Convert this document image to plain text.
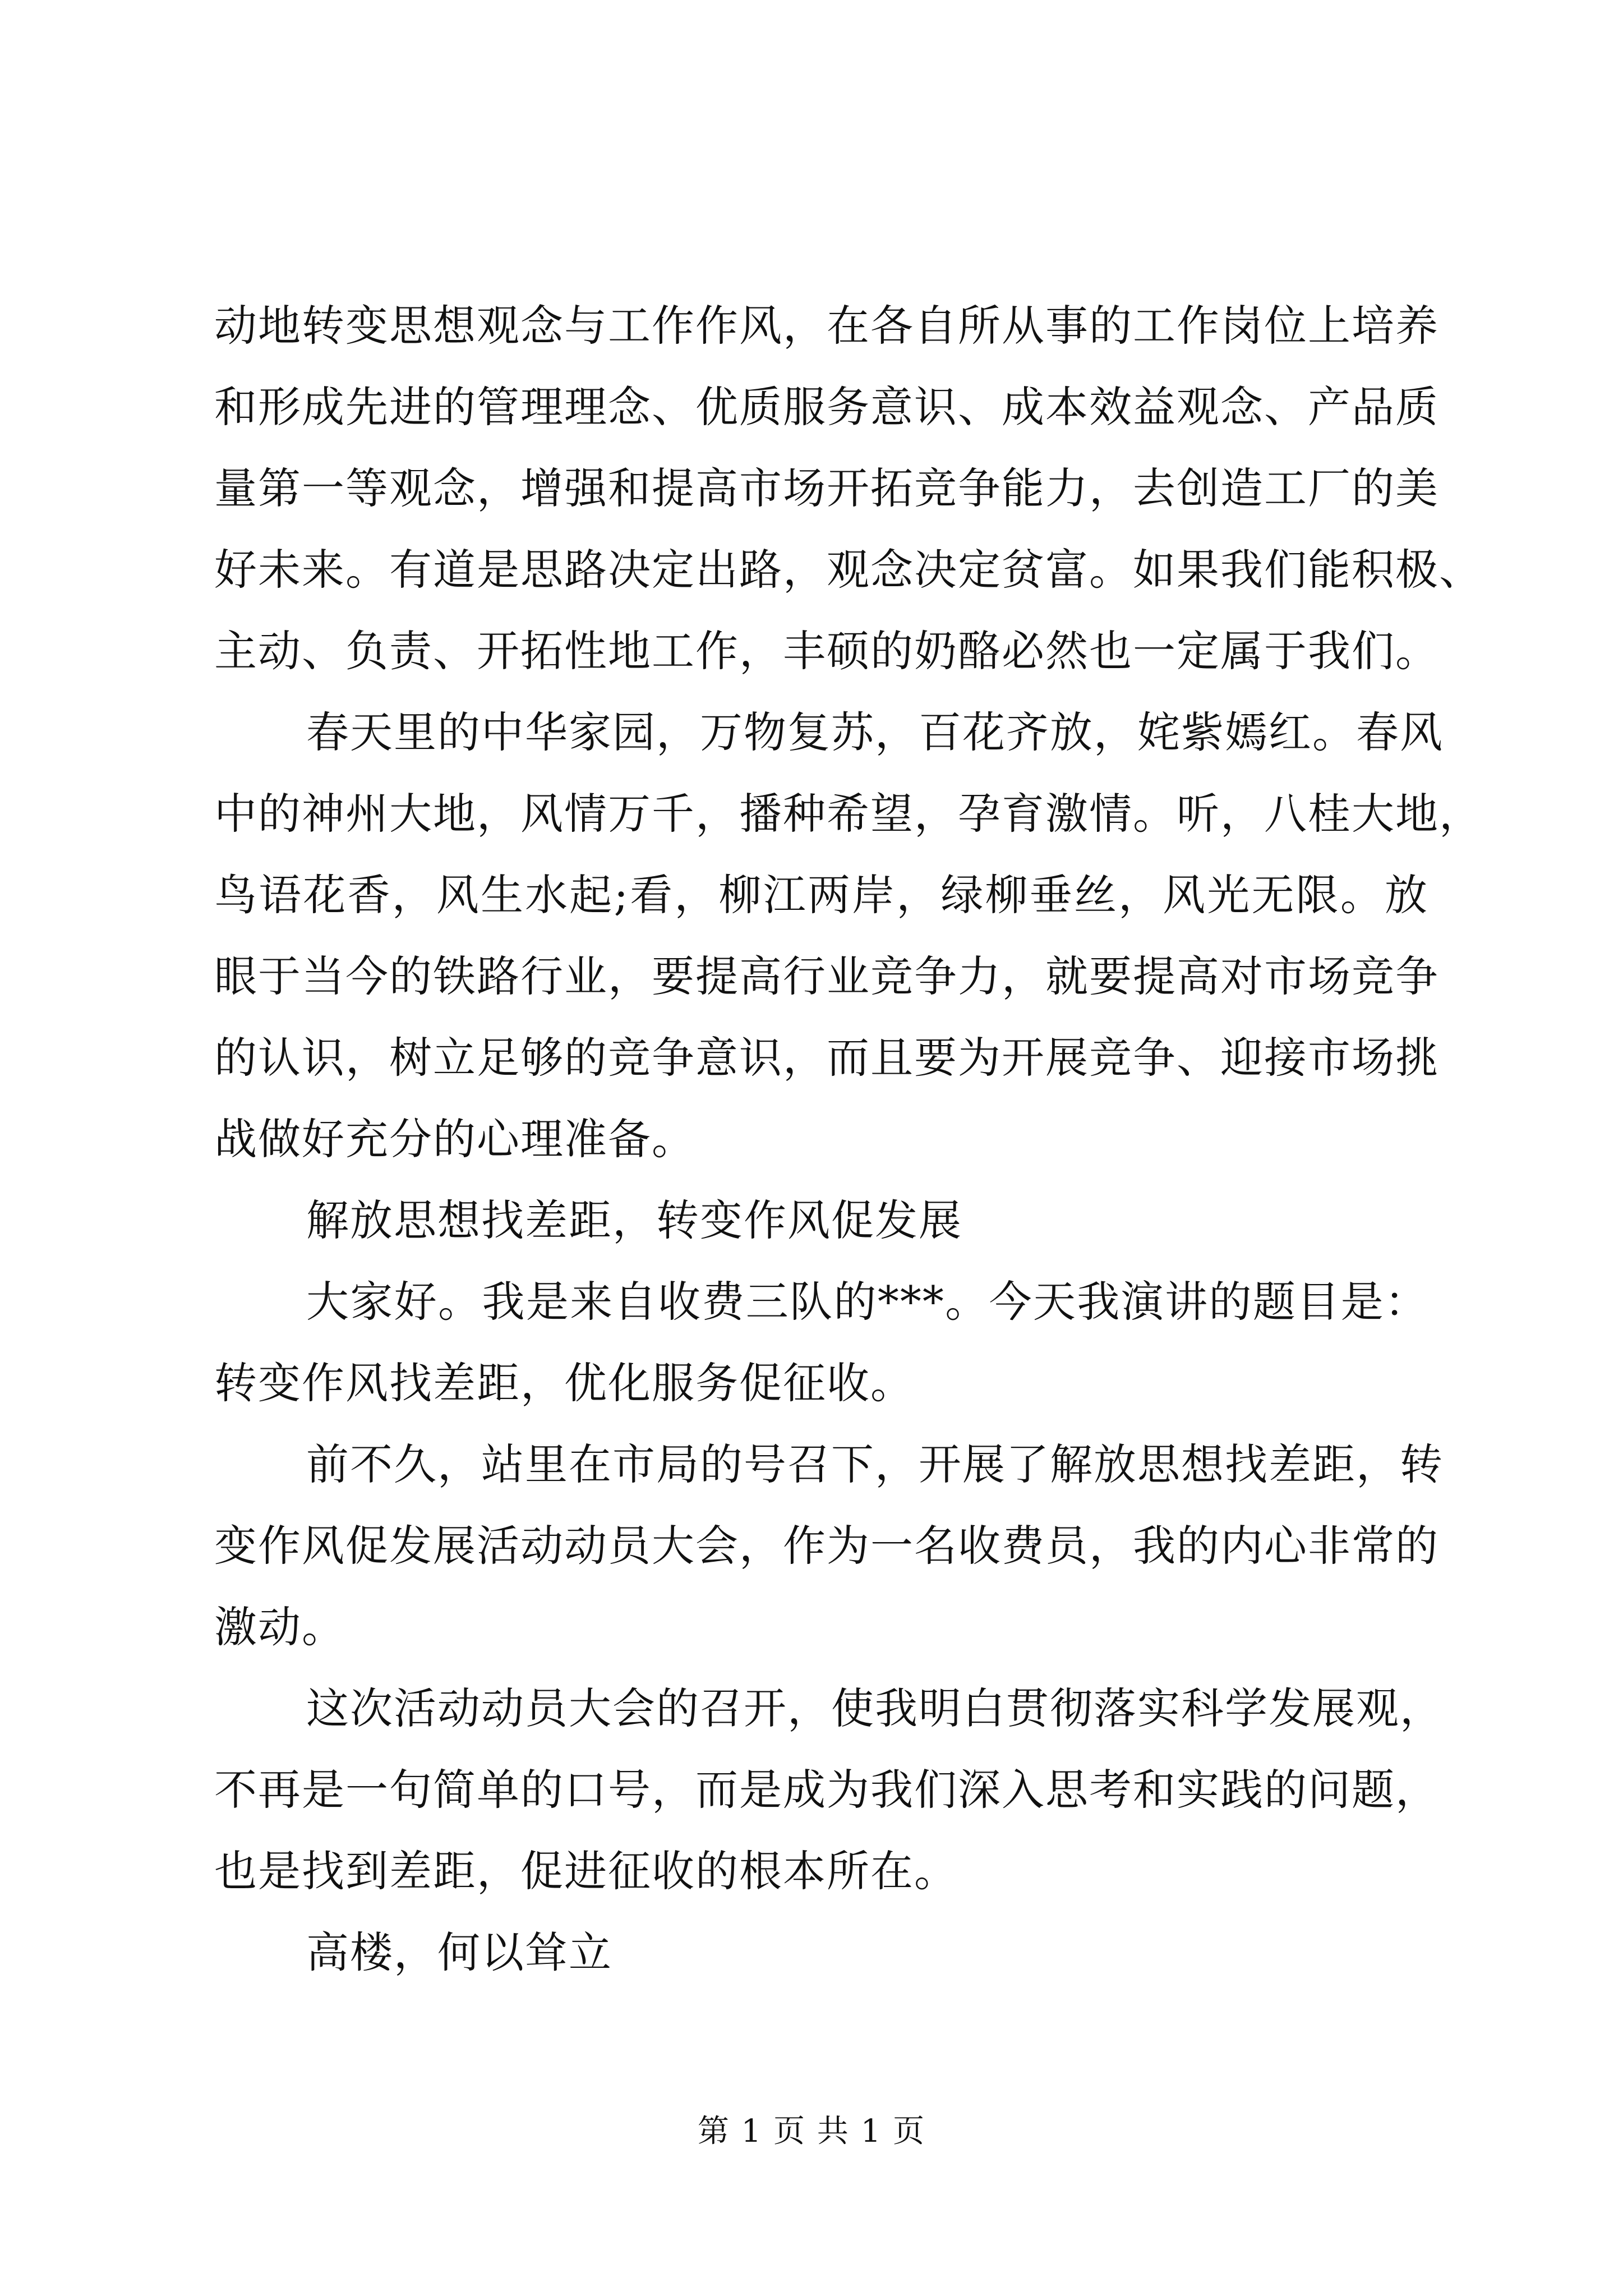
动地转变思想观念与工作作风，在各自所从事的工作岗位上培养
和形成先进的管理理念、优质服务意识、成本效益观念、产品质
量第一等观念，增强和提高市场开拓竞争能力，去创造工厂的美
好未来。有道是思路决定出路，观念决定贫富。如果我们能积极、
主动、负责、开拓性地工作，丰硕的奶酪必然也一定属于我们。
春天里的中华家园，万物复苏，百花齐放，姹紫嫣红。春风
中的神州大地，风情万千，播种希望，孕育激情。听，八桂大地，
鸟语花香，风生水起;看，柳江两岸，绿柳垂丝，风光无限。放
眼于当今的铁路行业，要提高行业竞争力，就要提高对市场竞争
的认识，树立足够的竞争意识，而且要为开展竞争、迎接市场挑
战做好充分的心理准备。
解放思想找差距，转变作风促发展
大家好。我是来自收费三队的***。今天我演讲的题目是：
转变作风找差距，优化服务促征收。
前不久，站里在市局的号召下，开展了解放思想找差距，转
变作风促发展活动动员大会，作为一名收费员，我的内心非常的
激动。
这次活动动员大会的召开，使我明白贯彻落实科学发展观，
不再是一句简单的口号，而是成为我们深入思考和实践的问题，
也是找到差距，促进征收的根本所在。
高楼，何以耸立
第 1 页 共 1 页
